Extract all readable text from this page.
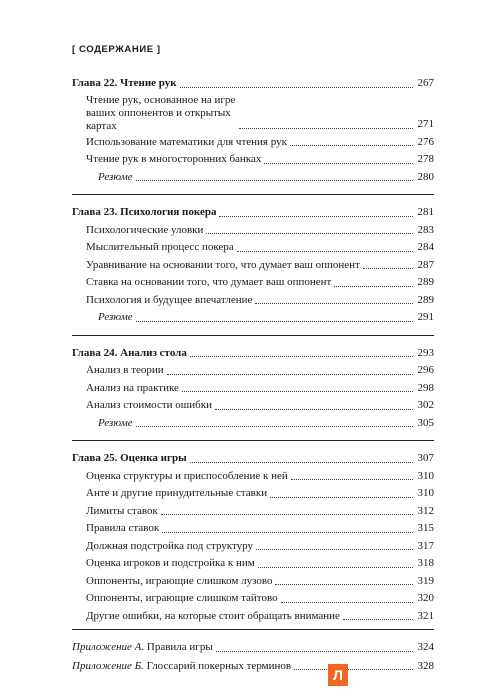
[ СОДЕРЖАНИЕ ]
Глава 22. Чтение рук	267
Чтение рук, основанное на игре ваших оппонентов и открытых картах	271
Использование математики для чтения рук	276
Чтение рук в многосторонних банках	278
Резюме	280
Глава 23. Психология покера	281
Психологические уловки	283
Мыслительный процесс покера	284
Уравнивание на основании того, что думает ваш оппонент	287
Ставка на основании того, что думает ваш оппонент	289
Психология и будущее впечатление	289
Резюме	291
Глава 24. Анализ стола	293
Анализ в теории	296
Анализ на практике	298
Анализ стоимости ошибки	302
Резюме	305
Глава 25. Оценка игры	307
Оценка структуры и приспособление к ней	310
Анте и другие принудительные ставки	310
Лимиты ставок	312
Правила ставок	315
Должная подстройка под структуру	317
Оценка игроков и подстройка к ним	318
Оппоненты, играющие слишком лузово	319
Оппоненты, играющие слишком тайтово	320
Другие ошибки, на которые стоит обращать внимание	321
Приложение А. Правила игры	324
Приложение Б. Глоссарий покерных терминов	328
Л
